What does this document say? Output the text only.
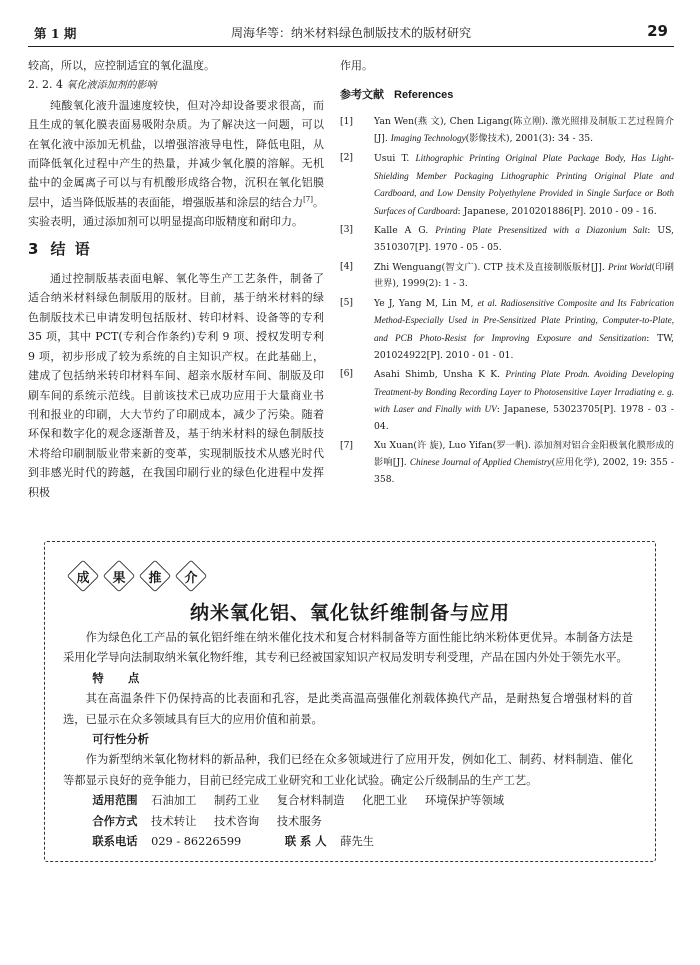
第 1 期	周海华等：纳米材料绿色制版技术的版材研究	29

较高，所以，应控制适宜的氧化温度。

2. 2. 4 氧化液添加剂的影响

纯酸氧化液升温速度较快，但对冷却设备要求很高，而且生成的氧化膜表面易吸附杂质。为了解决这一问题，可以在氧化液中添加无机盐，以增强溶液导电性，降低电阻，从而降低氧化过程中产生的热量，并减少氧化膜的溶解。无机盐中的金属离子可以与有机酸形成络合物，沉积在氧化铝膜层中，适当降低版基的表面能，增强版基和涂层的结合力[7]。实验表明，通过添加剂可以明显提高印版精度和耐印力。

3 结 语

通过控制版基表面电解、氧化等生产工艺条件，制备了适合纳米材料绿色制版用的版材。目前，基于纳米材料的绿色制版技术已申请发明包括版材、转印材料、设备等的专利 35 项，其中 PCT(专利合作条约)专利 9 项、授权发明专利 9 项，初步形成了较为系统的自主知识产权。在此基础上，建成了包括纳米转印材料车间、超亲水版材车间、制版及印刷车间的系统示范线。目前该技术已成功应用于大量商业书刊和报业的印刷，大大节约了印刷成本，减少了污染。随着环保和数字化的观念逐渐普及，基于纳米材料的绿色制版技术将给印刷制版业带来新的变革，实现制版技术从感光时代到非感光时代的跨越，在我国印刷行业的绿色化进程中发挥积极

作用。

参考文献 References
[1]	Yan Wen(燕 文), Chen Ligang(陈立刚). 激光照排及制版工艺过程简介[J]. Imaging Technology(影像技术), 2001(3): 34 - 35.
[2]	Usui T. Lithographic Printing Original Plate Package Body, Has Light-Shielding Member Packaging Lithographic Printing Original Plate and Cardboard, and Low Density Polyethylene Provided in Single Surface or Both Surfaces of Cardboard: Japanese, 2010201886[P]. 2010 - 09 - 16.
[3]	Kalle A G. Printing Plate Presensitized with a Diazonium Salt: US, 3510307[P]. 1970 - 05 - 05.
[4]	Zhi Wenguang(智文广). CTP 技术及直接制版版材[J]. Print World(印刷世界), 1999(2): 1 - 3.
[5]	Ye J, Yang M, Lin M, et al. Radiosensitive Composite and Its Fabrication Method-Especially Used in Pre-Sensitized Plate Printing, Computer-to-Plate, and PCB Photo-Resist for Improving Exposure and Sensitization: TW, 201024922[P]. 2010 - 01 - 01.
[6]	Asahi Shimb, Unsha K K. Printing Plate Prodn. Avoiding Developing Treatment-by Bonding Recording Layer to Photosensitive Layer Irradiating e. g. with Laser and Finally with UV: Japanese, 53023705[P]. 1978 - 03 - 04.
[7]	Xu Xuan(许 旋), Luo Yifan(罗一帆). 添加剂对铝合金阳极氧化膜形成的影响[J]. Chinese Journal of Applied Chemistry(应用化学), 2002, 19: 355 - 358.
成 果 推 介
纳米氧化铝、氧化钛纤维制备与应用

作为绿色化工产品的氧化铝纤维在纳米催化技术和复合材料制备等方面性能比纳米粉体更优异。本制备方法是采用化学导向法制取纳米氧化物纤维，其专利已经被国家知识产权局发明专利受理，产品在国内外处于领先水平。

特 点

其在高温条件下仍保持高的比表面和孔容，是此类高温高强催化剂载体换代产品，是耐热复合增强材料的首选，已显示在众多领域具有巨大的应用价值和前景。

可行性分析

作为新型纳米氧化物材料的新品种，我们已经在众多领域进行了应用开发，例如化工、制药、材料制造、催化等都显示良好的竞争能力，目前已经完成工业研究和工业化试验。确定公斤级制品的生产工艺。

适用范围 石油加工 制药工业 复合材料制造 化肥工业 环境保护等领域
合作方式 技术转让 技术咨询 技术服务
联系电话 029 - 86226599	联 系 人 薛先生
